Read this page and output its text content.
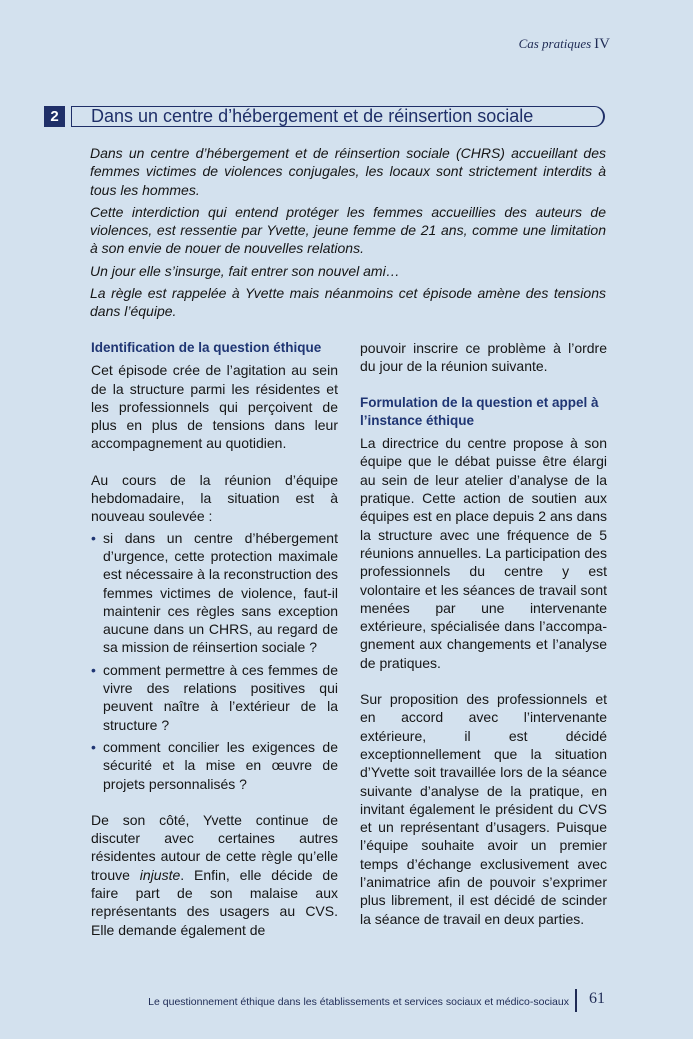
Cas pratiques IV
2	Dans un centre d’hébergement et de réinsertion sociale

Dans un centre d’hébergement et de réinsertion sociale (CHRS) accueillant des femmes victimes de violences conjugales, les locaux sont strictement interdits à tous les hommes.

Cette interdiction qui entend protéger les femmes accueillies des auteurs de violences, est ressentie par Yvette, jeune femme de 21 ans, comme une limitation à son envie de nouer de nouvelles relations.

Un jour elle s’insurge, fait entrer son nouvel ami…

La règle est rappelée à Yvette mais néanmoins cet épisode amène des tensions dans l’équipe.

Identification de la question éthique

Cet épisode crée de l’agitation au sein de la structure parmi les résidentes et les professionnels qui perçoivent de plus en plus de tensions dans leur accompagnement au quotidien.

Au cours de la réunion d’équipe hebdomadaire, la situation est à nouveau soulevée :

• si dans un centre d’hébergement d’urgence, cette protection maximale est nécessaire à la reconstruction des femmes victimes de violence, faut-il maintenir ces règles sans exception aucune dans un CHRS, au regard de sa mission de réinsertion sociale ?
• comment permettre à ces femmes de vivre des relations positives qui peuvent naître à l’extérieur de la structure ?
• comment concilier les exigences de sécurité et la mise en œuvre de projets personnalisés ?

De son côté, Yvette continue de discuter avec certaines autres résidentes autour de cette règle qu’elle trouve injuste. Enfin, elle décide de faire part de son malaise aux représentants des usagers au CVS. Elle demande également de

pouvoir inscrire ce problème à l’ordre du jour de la réunion suivante.

Formulation de la question et appel à l’instance éthique

La directrice du centre propose à son équipe que le débat puisse être élargi au sein de leur atelier d’analyse de la pratique. Cette action de soutien aux équipes est en place depuis 2 ans dans la structure avec une fréquence de 5 réunions annuelles. La participation des professionnels du centre y est volontaire et les séances de travail sont menées par une intervenante extérieure, spécialisée dans l’accompa-gnement aux changements et l’analyse de pratiques.

Sur proposition des professionnels et en accord avec l’intervenante extérieure, il est décidé exceptionnellement que la situation d’Yvette soit travaillée lors de la séance suivante d’analyse de la pratique, en invitant également le président du CVS et un représentant d’usagers. Puisque l’équipe souhaite avoir un premier temps d’échange exclusivement avec l’animatrice afin de pouvoir s’exprimer plus librement, il est décidé de scinder la séance de travail en deux parties.

Le questionnement éthique dans les établissements et services sociaux et médico-sociaux 61
